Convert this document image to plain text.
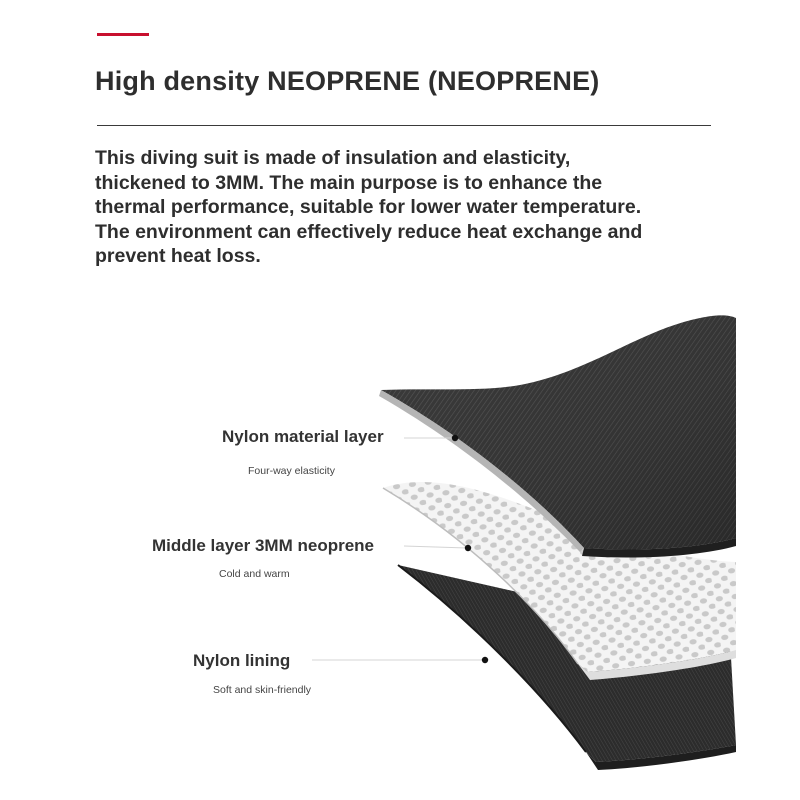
High density NEOPRENE (NEOPRENE)

This diving suit is made of insulation and elasticity, thickened to 3MM. The main purpose is to enhance the thermal performance, suitable for lower water temperature. The environment can effectively reduce heat exchange and prevent heat loss.

Nylon material layer
Four-way elasticity
Middle layer 3MM neoprene
Cold and warm
Nylon lining
Soft and skin-friendly
